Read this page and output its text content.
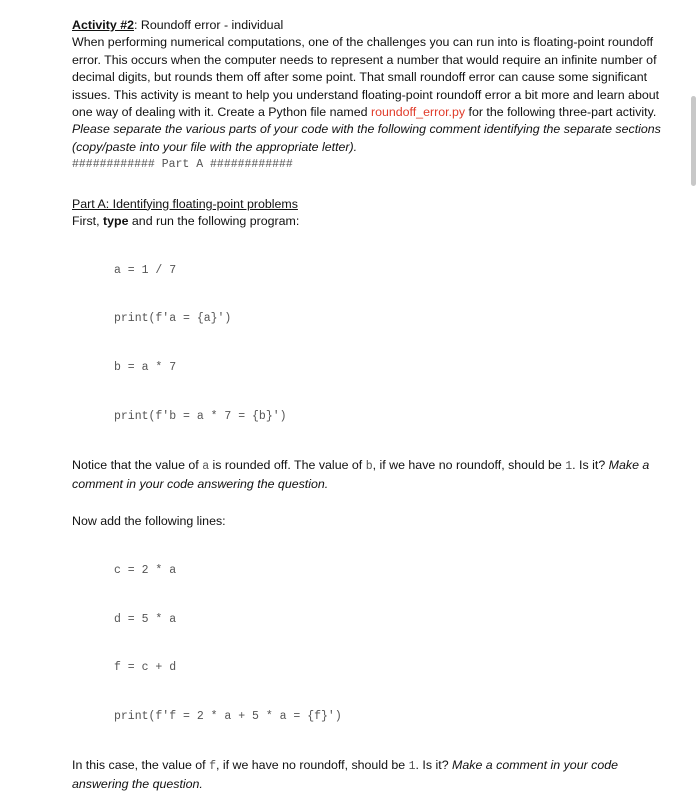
Activity #2: Roundoff error - individual

When performing numerical computations, one of the challenges you can run into is floating-point roundoff error. This occurs when the computer needs to represent a number that would require an infinite number of decimal digits, but rounds them off after some point. That small roundoff error can cause some significant issues. This activity is meant to help you understand floating-point roundoff error a bit more and learn about one way of dealing with it. Create a Python file named roundoff_error.py for the following three-part activity. Please separate the various parts of your code with the following comment identifying the separate sections (copy/paste into your file with the appropriate letter).

############ Part A ############

Part A: Identifying floating-point problems

First, type and run the following program:

a = 1 / 7

print(f'a = {a}')

b = a * 7

print(f'b = a * 7 = {b}')

Notice that the value of a is rounded off. The value of b, if we have no roundoff, should be 1. Is it? Make a comment in your code answering the question.

Now add the following lines:

c = 2 * a

d = 5 * a

f = c + d

print(f'f = 2 * a + 5 * a = {f}')

In this case, the value of f, if we have no roundoff, should be 1. Is it? Make a comment in your code answering the question.
